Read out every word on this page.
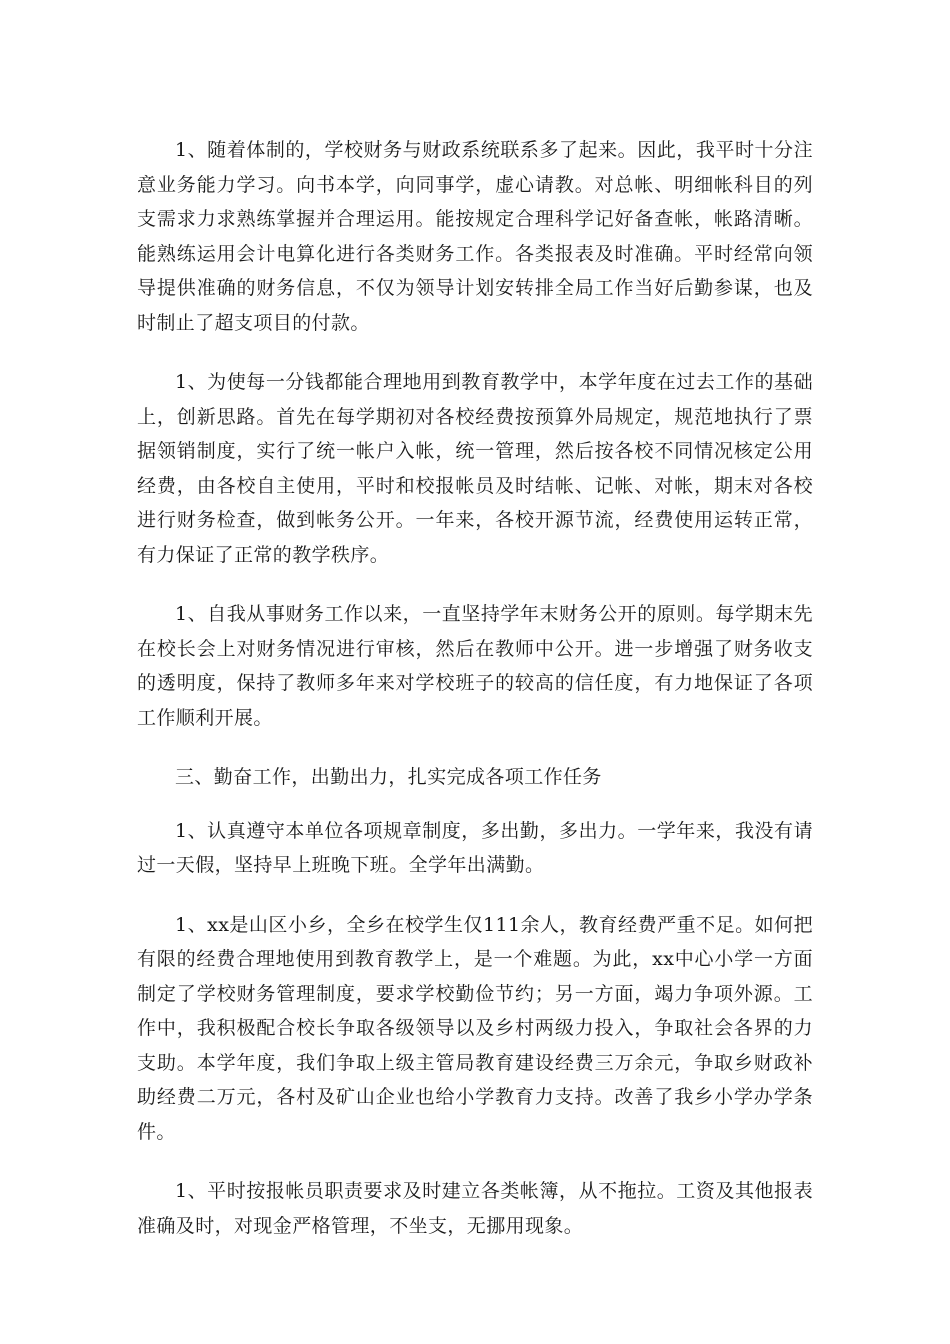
1、随着体制的，学校财务与财政系统联系多了起来。因此，我平时十分注意业务能力学习。向书本学，向同事学，虚心请教。对总帐、明细帐科目的列支需求力求熟练掌握并合理运用。能按规定合理科学记好备查帐，帐路清晰。能熟练运用会计电算化进行各类财务工作。各类报表及时准确。平时经常向领导提供准确的财务信息，不仅为领导计划安转排全局工作当好后勤参谋，也及时制止了超支项目的付款。

1、为使每一分钱都能合理地用到教育教学中，本学年度在过去工作的基础上，创新思路。首先在每学期初对各校经费按预算外局规定，规范地执行了票据领销制度，实行了统一帐户入帐，统一管理，然后按各校不同情况核定公用经费，由各校自主使用，平时和校报帐员及时结帐、记帐、对帐，期末对各校进行财务检查，做到帐务公开。一年来，各校开源节流，经费使用运转正常，有力保证了正常的教学秩序。

1、自我从事财务工作以来，一直坚持学年末财务公开的原则。每学期末先在校长会上对财务情况进行审核，然后在教师中公开。进一步增强了财务收支的透明度，保持了教师多年来对学校班子的较高的信任度，有力地保证了各项工作顺利开展。

三、勤奋工作，出勤出力，扎实完成各项工作任务

1、认真遵守本单位各项规章制度，多出勤，多出力。一学年来，我没有请过一天假，坚持早上班晚下班。全学年出满勤。

1、xx是山区小乡，全乡在校学生仅111余人，教育经费严重不足。如何把有限的经费合理地使用到教育教学上，是一个难题。为此，xx中心小学一方面制定了学校财务管理制度，要求学校勤俭节约；另一方面，竭力争项外源。工作中，我积极配合校长争取各级领导以及乡村两级力投入，争取社会各界的力支助。本学年度，我们争取上级主管局教育建设经费三万余元，争取乡财政补助经费二万元，各村及矿山企业也给小学教育力支持。改善了我乡小学办学条件。

1、平时按报帐员职责要求及时建立各类帐簿，从不拖拉。工资及其他报表准确及时，对现金严格管理，不坐支，无挪用现象。
